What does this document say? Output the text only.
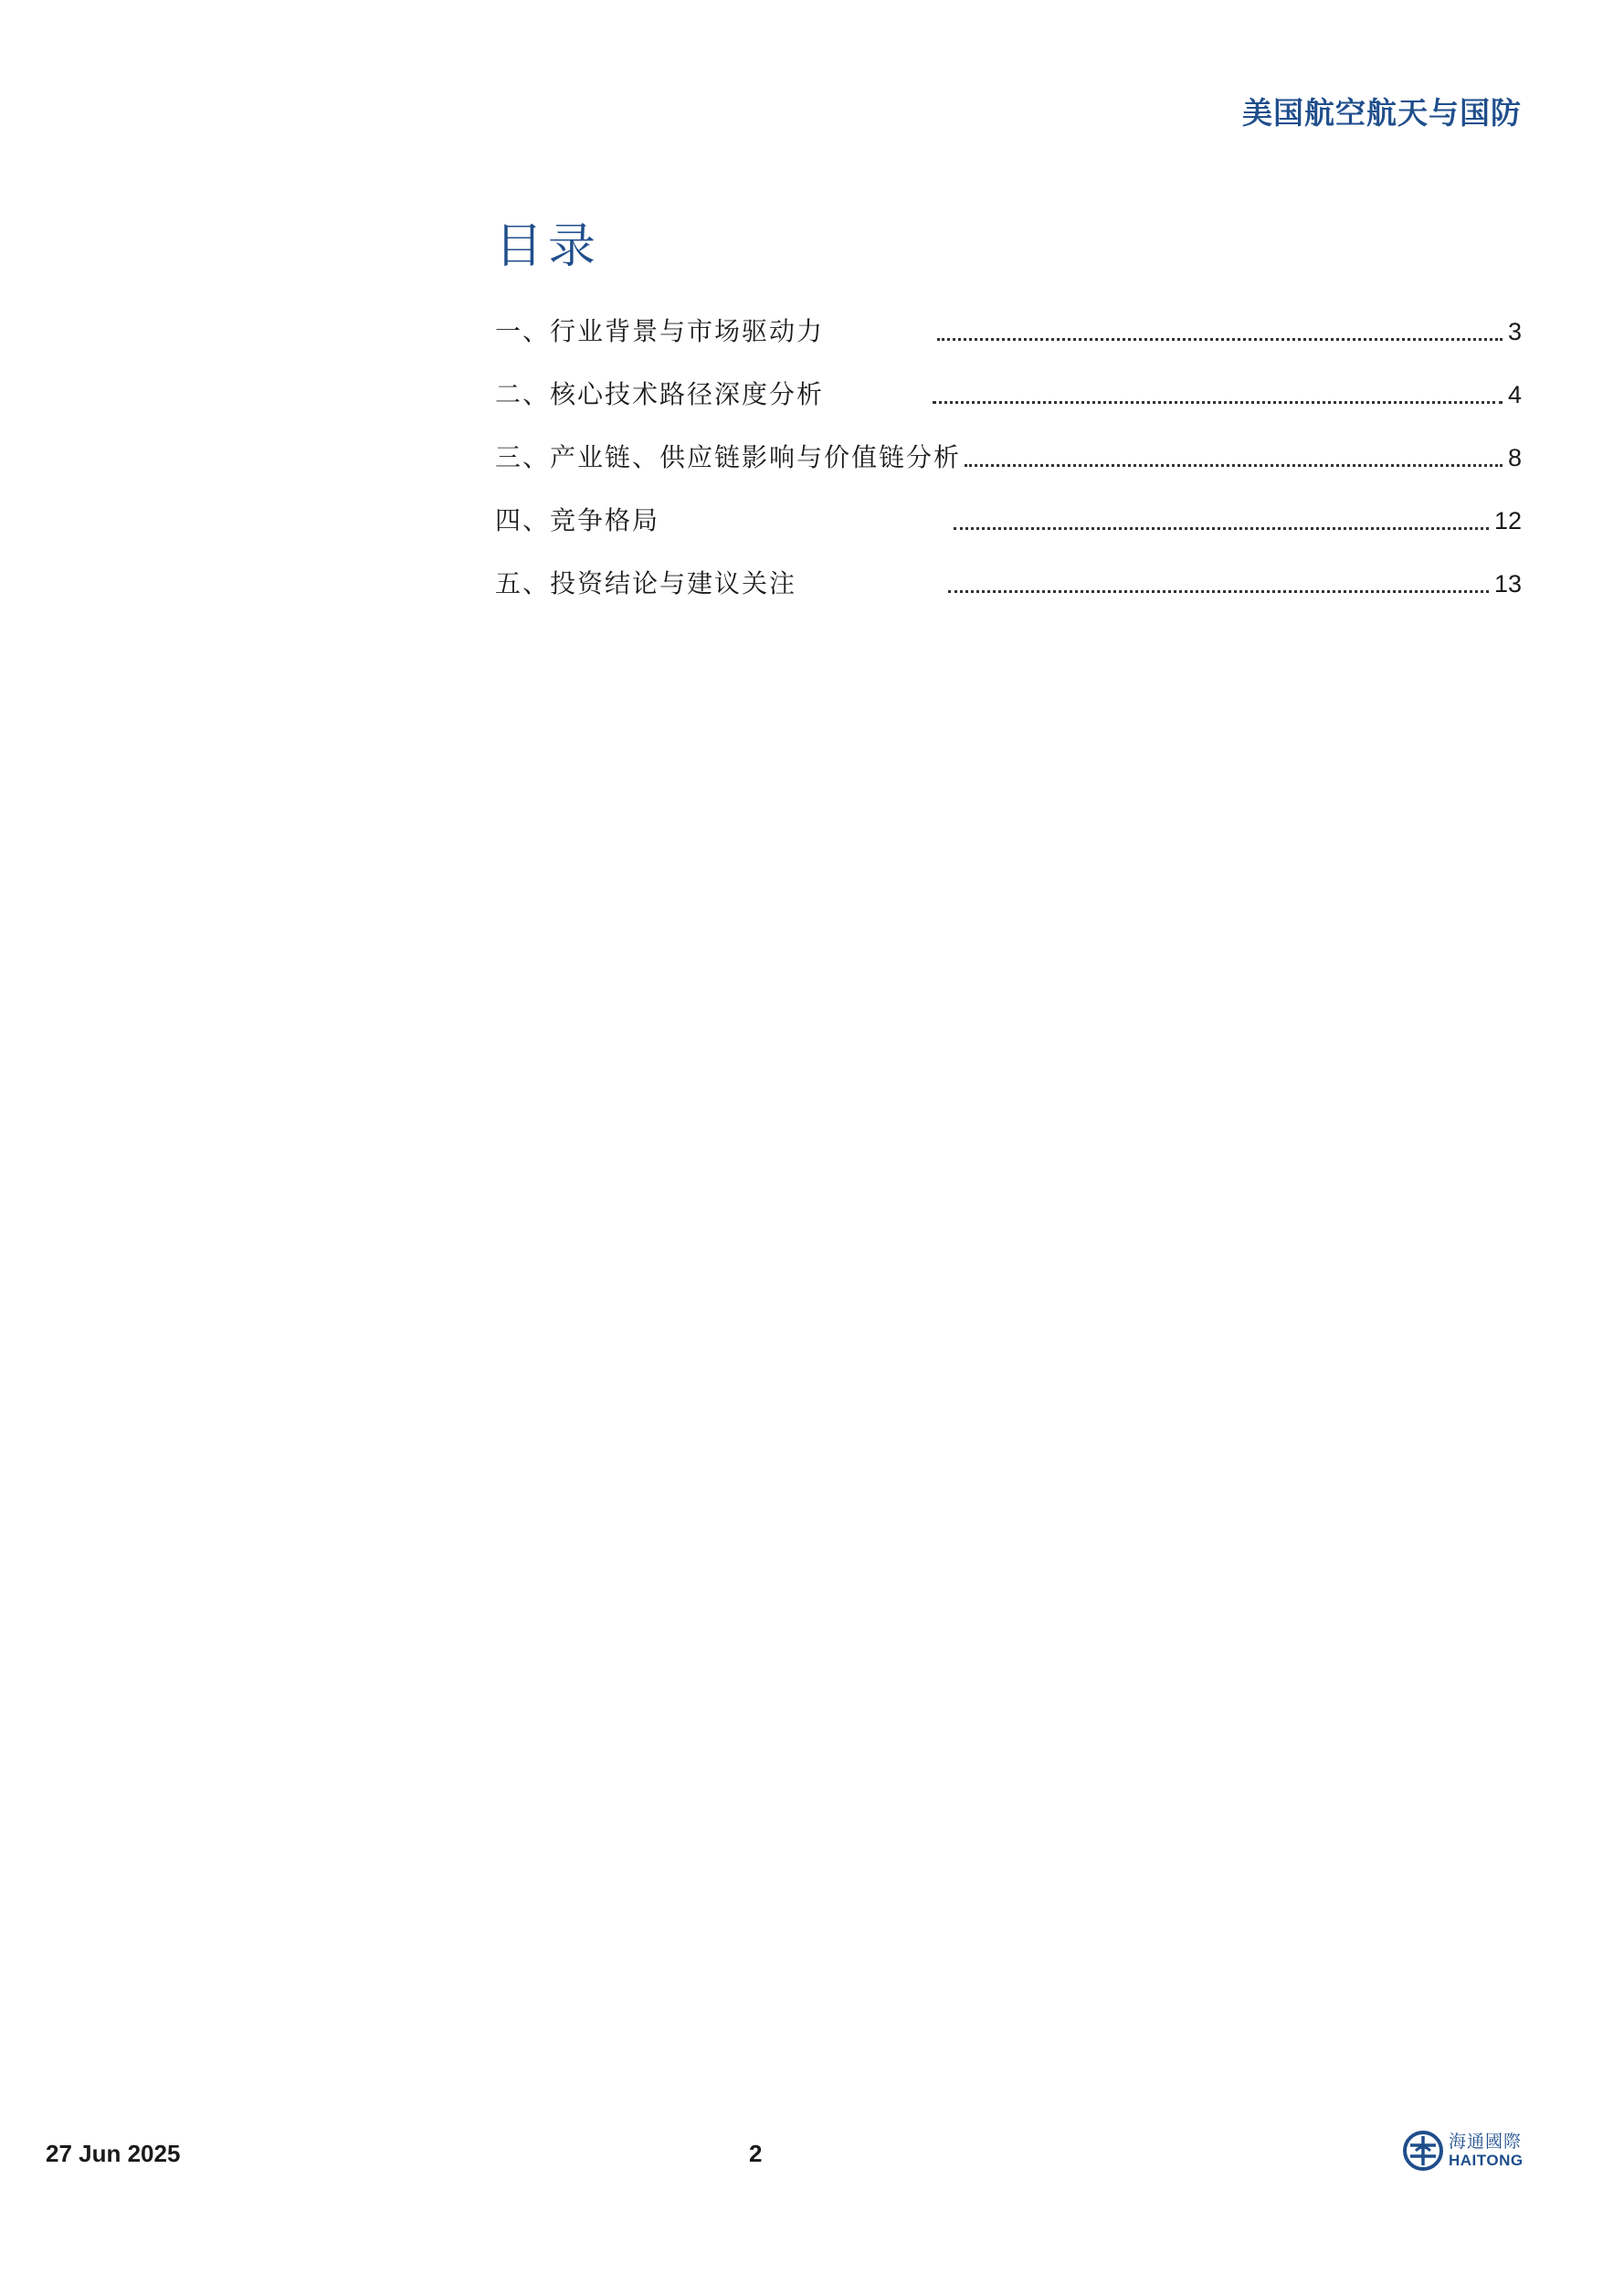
美国航空航天与国防
目录
一、行业背景与市场驱动力	3
二、核心技术路径深度分析	4
三、产业链、供应链影响与价值链分析	8
四、竞争格局	12
五、投资结论与建议关注	13
27 Jun 2025	2	海通國際
HAITONG
